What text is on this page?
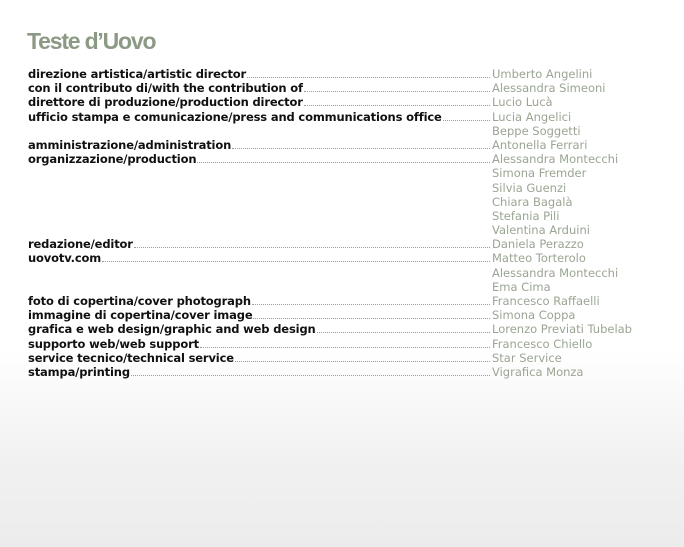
Teste d’Uovo
direzione artistica/artistic director	Umberto Angelini
con il contributo di/with the contribution of	Alessandra Simeoni
direttore di produzione/production director	Lucio Lucà
ufficio stampa e comunicazione/press and communications office	Lucia Angelici
Beppe Soggetti
amministrazione/administration	Antonella Ferrari
organizzazione/production	Alessandra Montecchi
Simona Fremder
Silvia Guenzi
Chiara Bagalà
Stefania Pili
Valentina Arduini
redazione/editor	Daniela Perazzo
uovotv.com	Matteo Torterolo
Alessandra Montecchi
Ema Cima
foto di copertina/cover photograph	Francesco Raffaelli
immagine di copertina/cover image	Simona Coppa
grafica e web design/graphic and web design	Lorenzo Previati Tubelab
supporto web/web support	Francesco Chiello
service tecnico/technical service	Star Service
stampa/printing	Vigrafica Monza
